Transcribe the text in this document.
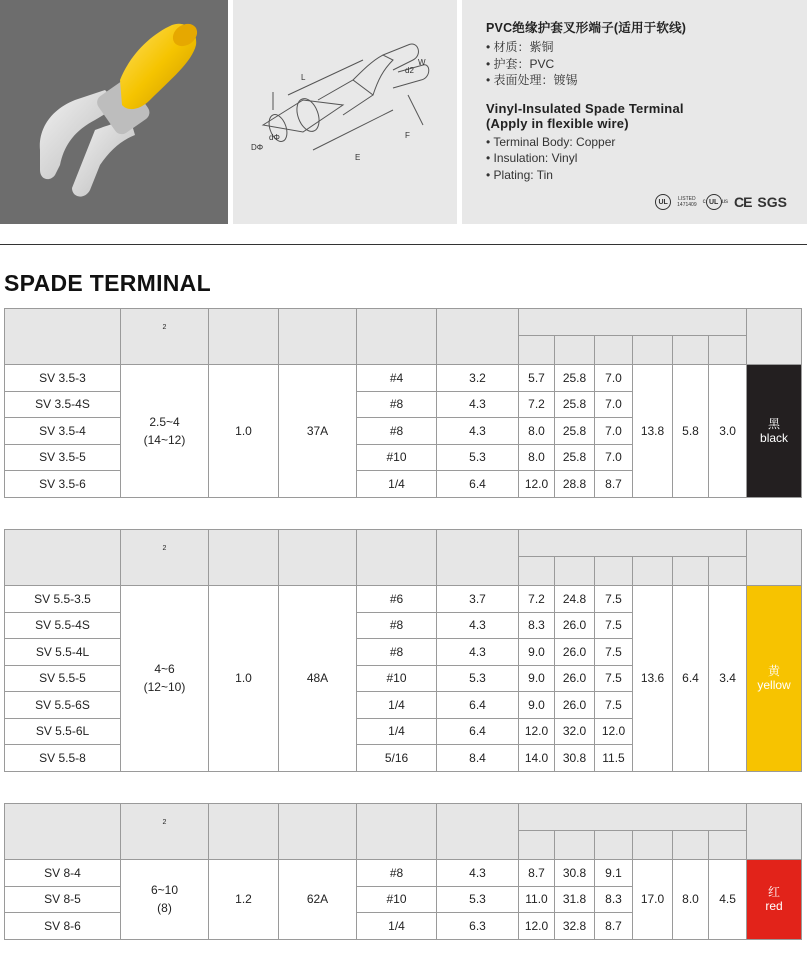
L
W
d2
F
E
DΦ
dΦ
PVC绝缘护套叉形端子(适用于软线)
• 材质：紫铜
• 护套：PVC
• 表面处理：镀锡
Vinyl-Insulated Spade Terminal
(Apply in flexible wire)
• Terminal Body: Copper
• Insulation: Vinyl
• Plating: Tin
UL	LISTED
1471409 c UL us CE SGS
SPADE TERMINAL

	$^2$

SV 3.5-3	2.5~4
(14~12)	1.0	37A	#4	3.2	5.7	25.8	7.0	13.8	5.8	3.0	黑
black
SV 3.5-4S				#8	4.3	7.2	25.8	7.0				
SV 3.5-4				#8	4.3	8.0	25.8	7.0				
SV 3.5-5				#10	5.3	8.0	25.8	7.0				
SV 3.5-6				1/4	6.4	12.0	28.8	8.7				

	$^2$

SV 5.5-3.5	4~6
(12~10)	1.0	48A	#6	3.7	7.2	24.8	7.5	13.6	6.4	3.4	黄
yellow
SV 5.5-4S				#8	4.3	8.3	26.0	7.5				
SV 5.5-4L				#8	4.3	9.0	26.0	7.5				
SV 5.5-5				#10	5.3	9.0	26.0	7.5				
SV 5.5-6S				1/4	6.4	9.0	26.0	7.5				
SV 5.5-6L				1/4	6.4	12.0	32.0	12.0				
SV 5.5-8				5/16	8.4	14.0	30.8	11.5				

	$^2$

SV 8-4	6~10
(8)	1.2	62A	#8	4.3	8.7	30.8	9.1	17.0	8.0	4.5	红
red
SV 8-5				#10	5.3	11.0	31.8	8.3				
SV 8-6				1/4	6.3	12.0	32.8	8.7				
